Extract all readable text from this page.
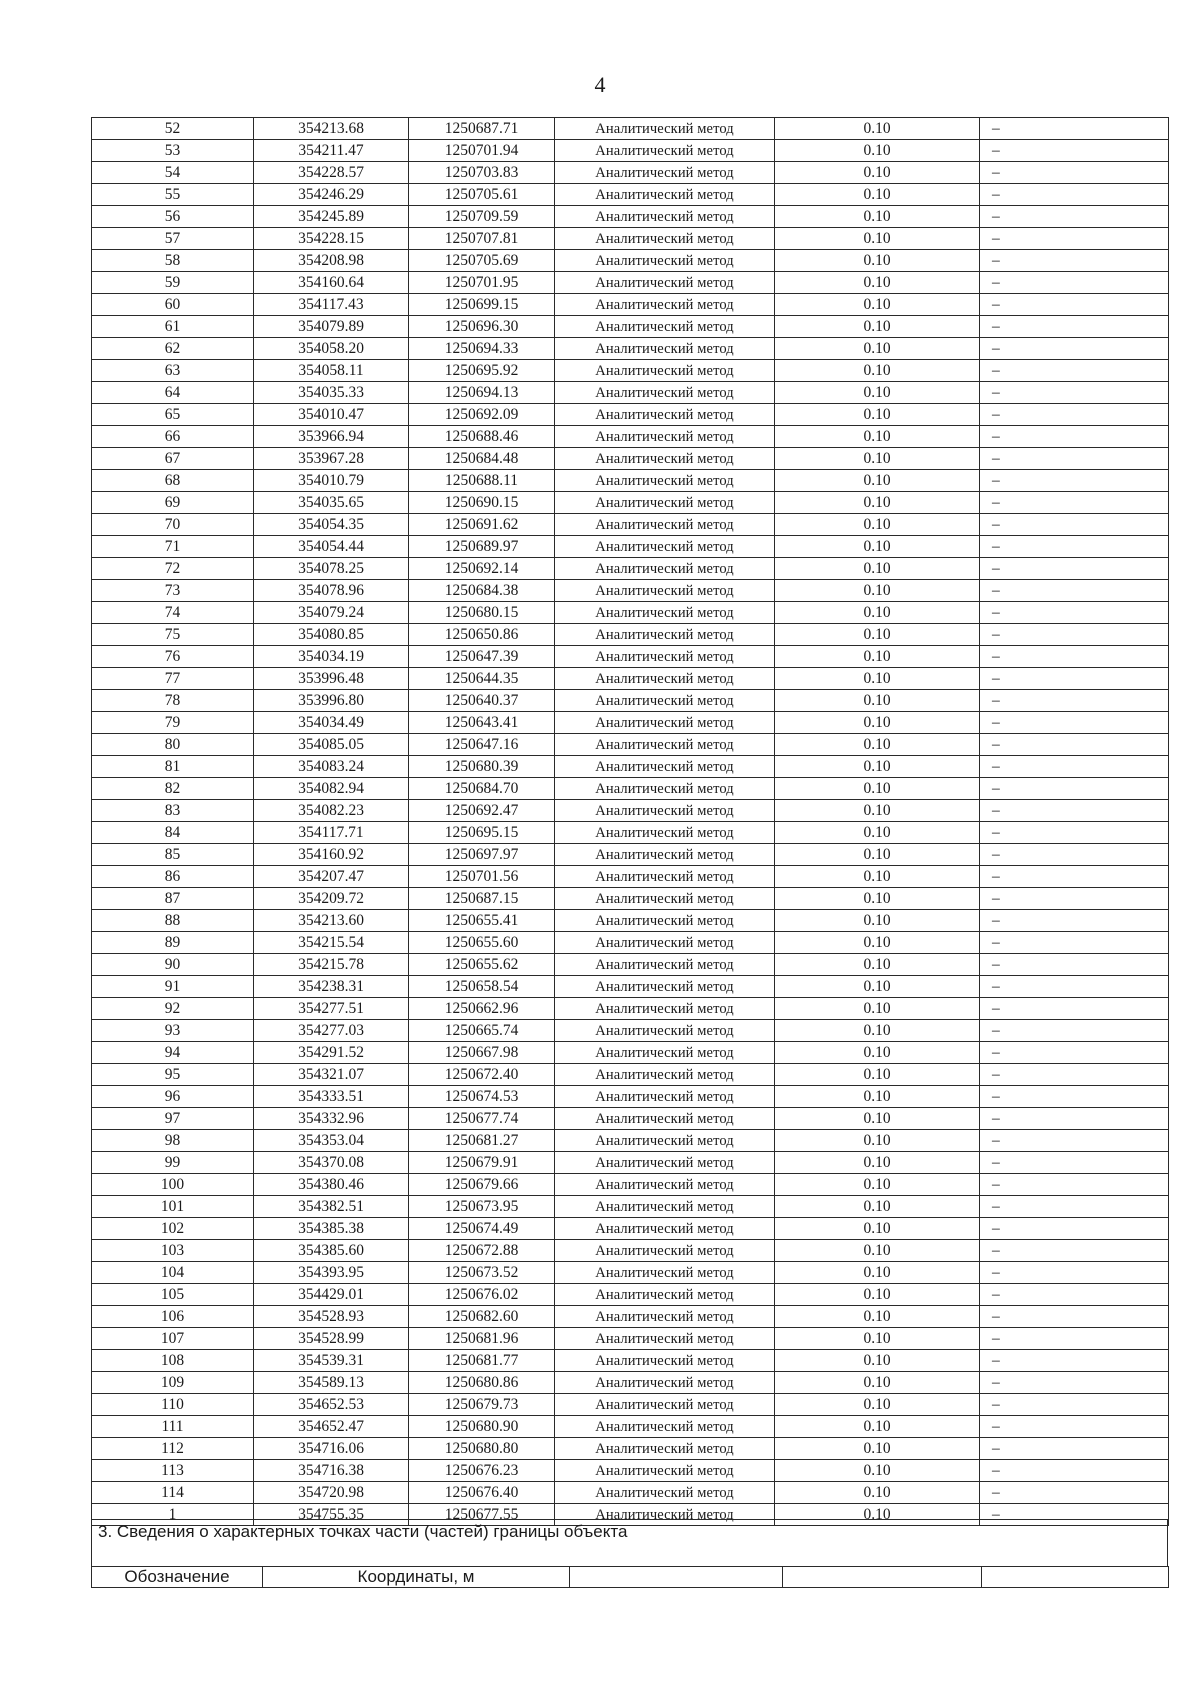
4
52	354213.68	1250687.71	Аналитический метод	0.10	–
53	354211.47	1250701.94	Аналитический метод	0.10	–
54	354228.57	1250703.83	Аналитический метод	0.10	–
55	354246.29	1250705.61	Аналитический метод	0.10	–
56	354245.89	1250709.59	Аналитический метод	0.10	–
57	354228.15	1250707.81	Аналитический метод	0.10	–
58	354208.98	1250705.69	Аналитический метод	0.10	–
59	354160.64	1250701.95	Аналитический метод	0.10	–
60	354117.43	1250699.15	Аналитический метод	0.10	–
61	354079.89	1250696.30	Аналитический метод	0.10	–
62	354058.20	1250694.33	Аналитический метод	0.10	–
63	354058.11	1250695.92	Аналитический метод	0.10	–
64	354035.33	1250694.13	Аналитический метод	0.10	–
65	354010.47	1250692.09	Аналитический метод	0.10	–
66	353966.94	1250688.46	Аналитический метод	0.10	–
67	353967.28	1250684.48	Аналитический метод	0.10	–
68	354010.79	1250688.11	Аналитический метод	0.10	–
69	354035.65	1250690.15	Аналитический метод	0.10	–
70	354054.35	1250691.62	Аналитический метод	0.10	–
71	354054.44	1250689.97	Аналитический метод	0.10	–
72	354078.25	1250692.14	Аналитический метод	0.10	–
73	354078.96	1250684.38	Аналитический метод	0.10	–
74	354079.24	1250680.15	Аналитический метод	0.10	–
75	354080.85	1250650.86	Аналитический метод	0.10	–
76	354034.19	1250647.39	Аналитический метод	0.10	–
77	353996.48	1250644.35	Аналитический метод	0.10	–
78	353996.80	1250640.37	Аналитический метод	0.10	–
79	354034.49	1250643.41	Аналитический метод	0.10	–
80	354085.05	1250647.16	Аналитический метод	0.10	–
81	354083.24	1250680.39	Аналитический метод	0.10	–
82	354082.94	1250684.70	Аналитический метод	0.10	–
83	354082.23	1250692.47	Аналитический метод	0.10	–
84	354117.71	1250695.15	Аналитический метод	0.10	–
85	354160.92	1250697.97	Аналитический метод	0.10	–
86	354207.47	1250701.56	Аналитический метод	0.10	–
87	354209.72	1250687.15	Аналитический метод	0.10	–
88	354213.60	1250655.41	Аналитический метод	0.10	–
89	354215.54	1250655.60	Аналитический метод	0.10	–
90	354215.78	1250655.62	Аналитический метод	0.10	–
91	354238.31	1250658.54	Аналитический метод	0.10	–
92	354277.51	1250662.96	Аналитический метод	0.10	–
93	354277.03	1250665.74	Аналитический метод	0.10	–
94	354291.52	1250667.98	Аналитический метод	0.10	–
95	354321.07	1250672.40	Аналитический метод	0.10	–
96	354333.51	1250674.53	Аналитический метод	0.10	–
97	354332.96	1250677.74	Аналитический метод	0.10	–
98	354353.04	1250681.27	Аналитический метод	0.10	–
99	354370.08	1250679.91	Аналитический метод	0.10	–
100	354380.46	1250679.66	Аналитический метод	0.10	–
101	354382.51	1250673.95	Аналитический метод	0.10	–
102	354385.38	1250674.49	Аналитический метод	0.10	–
103	354385.60	1250672.88	Аналитический метод	0.10	–
104	354393.95	1250673.52	Аналитический метод	0.10	–
105	354429.01	1250676.02	Аналитический метод	0.10	–
106	354528.93	1250682.60	Аналитический метод	0.10	–
107	354528.99	1250681.96	Аналитический метод	0.10	–
108	354539.31	1250681.77	Аналитический метод	0.10	–
109	354589.13	1250680.86	Аналитический метод	0.10	–
110	354652.53	1250679.73	Аналитический метод	0.10	–
111	354652.47	1250680.90	Аналитический метод	0.10	–
112	354716.06	1250680.80	Аналитический метод	0.10	–
113	354716.38	1250676.23	Аналитический метод	0.10	–
114	354720.98	1250676.40	Аналитический метод	0.10	–
1	354755.35	1250677.55	Аналитический метод	0.10	–
3. Сведения о характерных точках части (частей) границы объекта
Обозначение	Координаты, м			
